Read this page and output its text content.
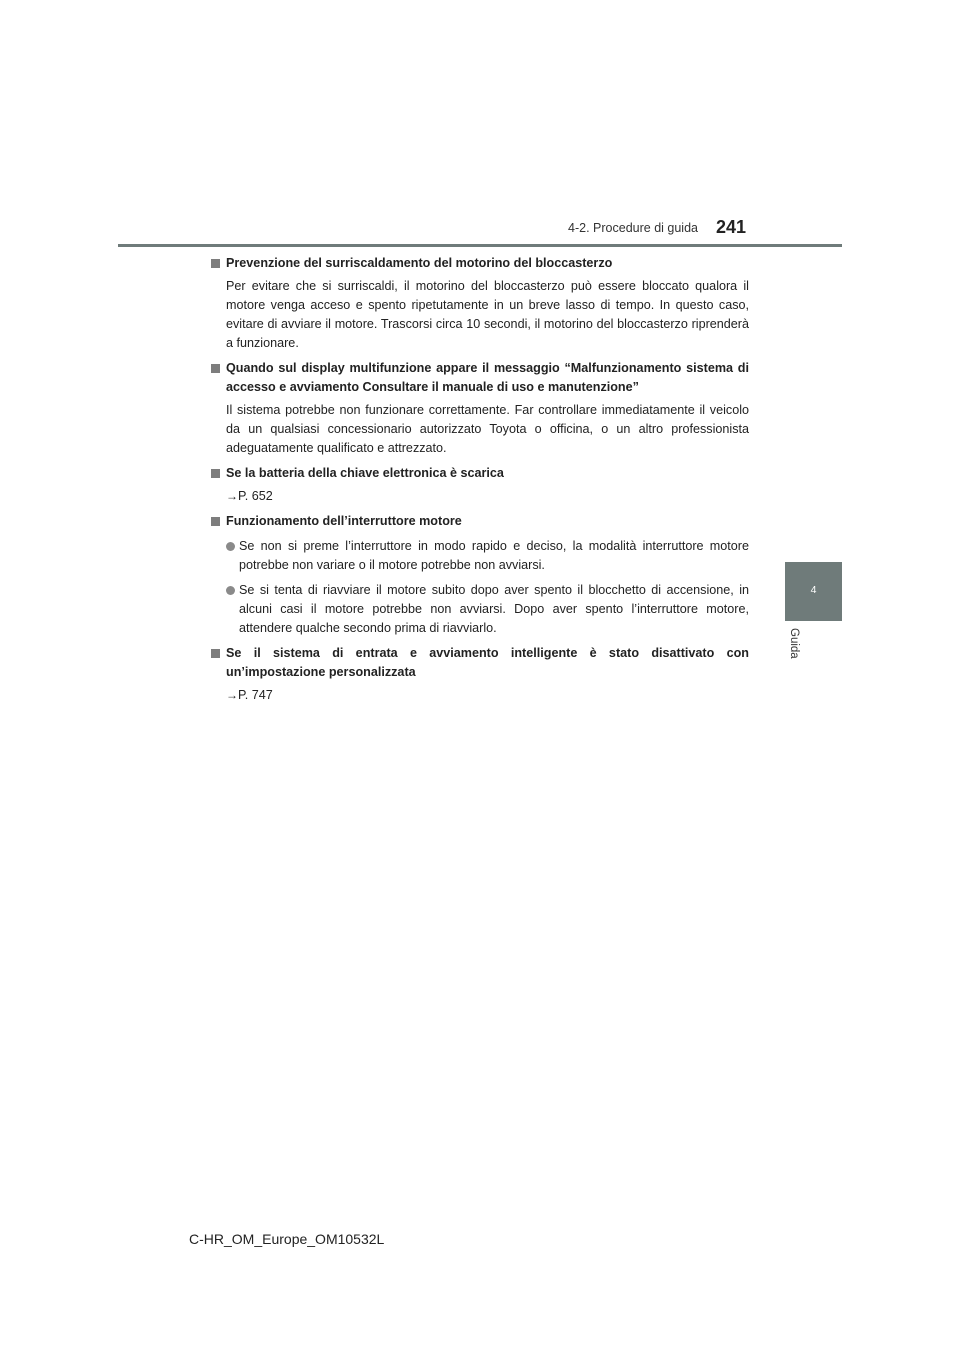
4-2. Procedure di guida 241
4
Guida
Prevenzione del surriscaldamento del motorino del bloccasterzo
Per evitare che si surriscaldi, il motorino del bloccasterzo può essere bloccato qualora il motore venga acceso e spento ripetutamente in un breve lasso di tempo. In questo caso, evitare di avviare il motore. Trascorsi circa 10 secondi, il motorino del bloccasterzo riprenderà a funzionare.
Quando sul display multifunzione appare il messaggio “Malfunzionamento sistema di accesso e avviamento Consultare il manuale di uso e manutenzione”
Il sistema potrebbe non funzionare correttamente. Far controllare immediatamente il veicolo da un qualsiasi concessionario autorizzato Toyota o officina, o un altro professionista adeguatamente qualificato e attrezzato.
Se la batteria della chiave elettronica è scarica
→P. 652
Funzionamento dell’interruttore motore
Se non si preme l’interruttore in modo rapido e deciso, la modalità interruttore motore potrebbe non variare o il motore potrebbe non avviarsi.
Se si tenta di riavviare il motore subito dopo aver spento il blocchetto di accensione, in alcuni casi il motore potrebbe non avviarsi. Dopo aver spento l’interruttore motore, attendere qualche secondo prima di riavviarlo.
Se il sistema di entrata e avviamento intelligente è stato disattivato con un’impostazione personalizzata
→P. 747
C-HR_OM_Europe_OM10532L
